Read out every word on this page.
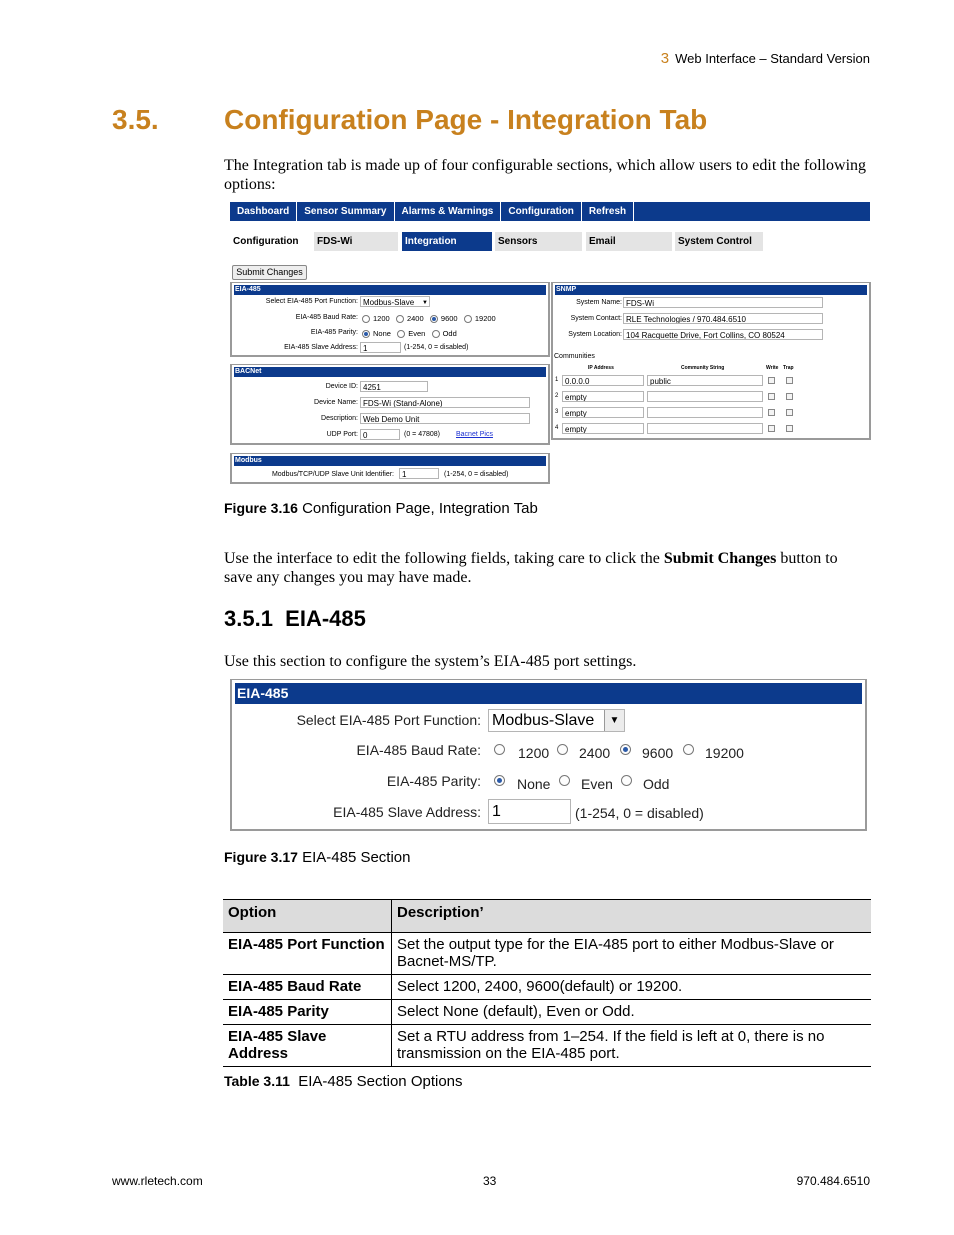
3 Web Interface – Standard Version
3.5. Configuration Page - Integration Tab
The Integration tab is made up of four configurable sections, which allow users to edit the following options:
Dashboard	Sensor Summary	Alarms & Warnings	Configuration	Refresh
Configuration	FDS-Wi	Integration	Sensors	Email	System Control
Submit Changes
EIA-485
Select EIA-485 Port Function: Modbus-Slave ▼
EIA-485 Baud Rate:	1200 2400 9600 19200
EIA-485 Parity:	None Even Odd
EIA-485 Slave Address: 1	(1-254, 0 = disabled)
BACNet
Device ID: 4251
Device Name: FDS-Wi (Stand-Alone)
Description: Web Demo Unit
UDP Port: 0	(0 = 47808) Bacnet Pics
Modbus
Modbus/TCP/UDP Slave Unit Identifier:	1	(1-254, 0 = disabled)
SNMP
System Name: FDS-Wi
System Contact: RLE Technologies / 970.484.6510
System Location: 104 Racquette Drive, Fort Collins, CO 80524
Communities
IP Address	Community String	Write Trap
1 0.0.0.0	public
2 empty
3 empty
4 empty
Figure 3.16 Configuration Page, Integration Tab
Use the interface to edit the following fields, taking care to click the Submit Changes button to save any changes you may have made.
3.5.1 EIA-485
Use this section to configure the system’s EIA-485 port settings.
EIA-485
Select EIA-485 Port Function: Modbus-Slave	▼
EIA-485 Baud Rate:	1200 2400 9600 19200
EIA-485 Parity:	None Even Odd
EIA-485 Slave Address: 1	(1-254, 0 = disabled)
Figure 3.17 EIA-485 Section
Option	Description’
EIA-485 Port Function	Set the output type for the EIA-485 port to either Modbus-Slave or Bacnet-MS/TP.
EIA-485 Baud Rate	Select 1200, 2400, 9600(default) or 19200.
EIA-485 Parity	Select None (default), Even or Odd.
EIA-485 Slave Address	Set a RTU address from 1–254. If the field is left at 0, there is no transmission on the EIA-485 port.
Table 3.11 EIA-485 Section Options
www.rletech.com	33	970.484.6510
